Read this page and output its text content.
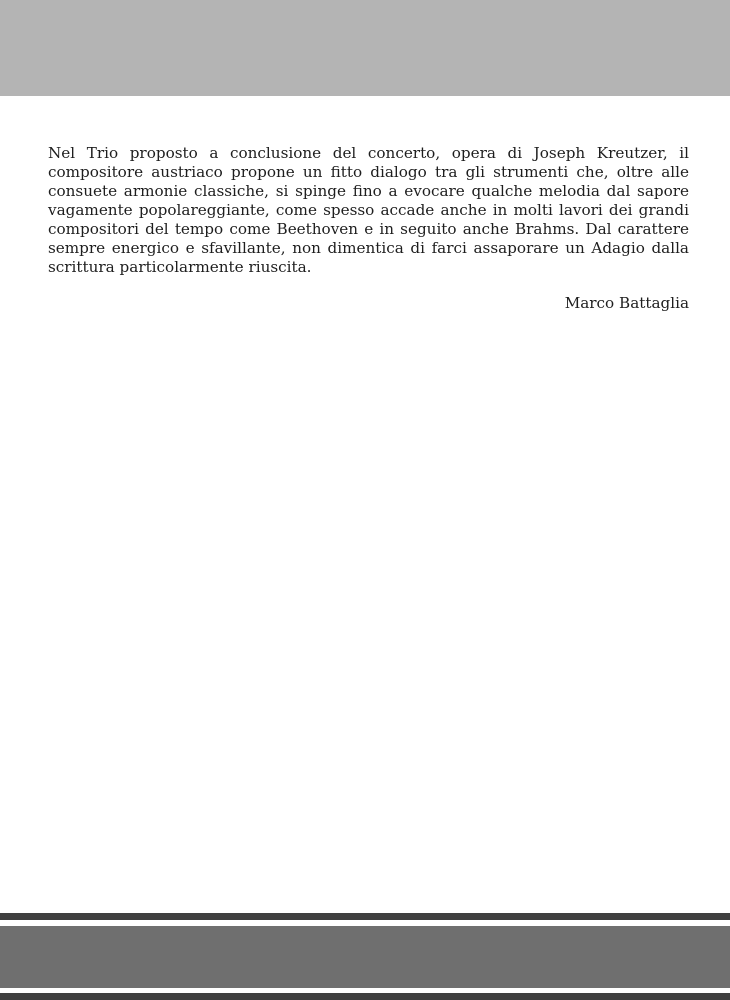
Nel Trio proposto a conclusione del concerto, opera di Joseph Kreutzer, il compositore austriaco propone un fitto dialogo tra gli strumenti che, oltre alle consuete armonie classiche, si spinge fino a evocare qualche melodia dal sapore vagamente popolareggiante, come spesso accade anche in molti lavori dei grandi compositori del tempo come Beethoven e in seguito anche Brahms. Dal carattere sempre energico e sfavillante, non dimentica di farci assaporare un Adagio dalla scrittura particolarmente riuscita.

Marco Battaglia
